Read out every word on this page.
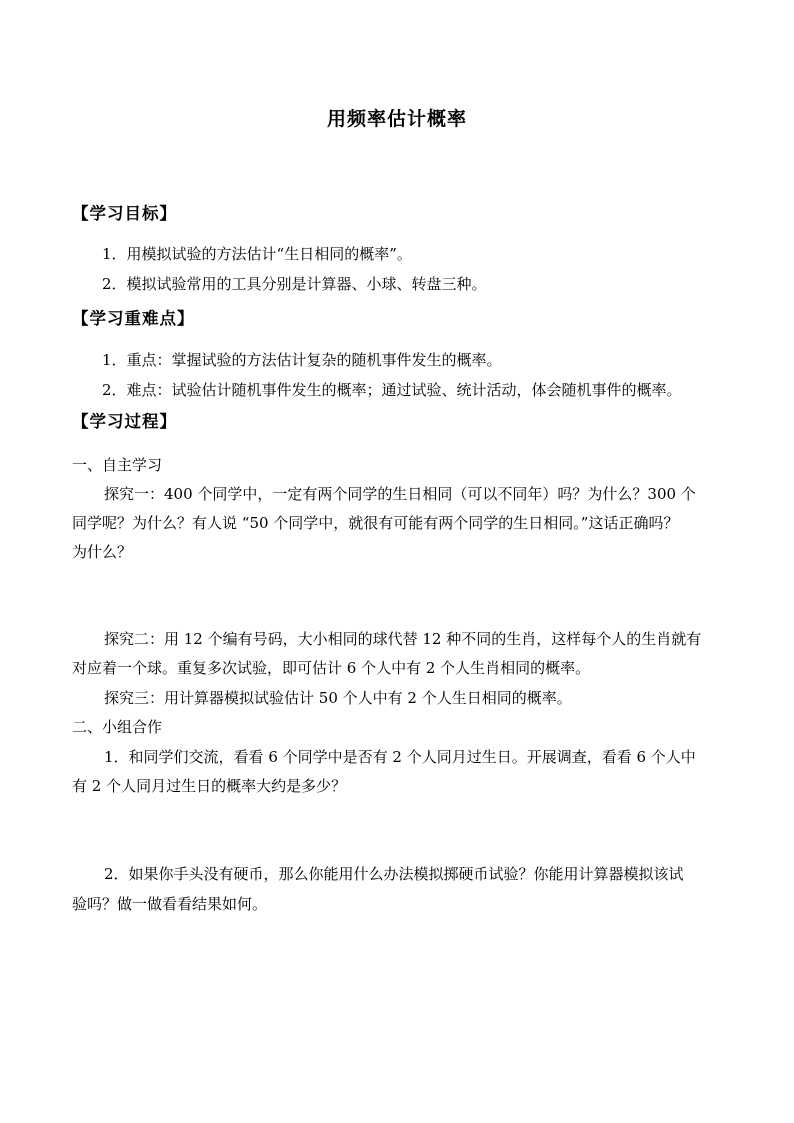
用频率估计概率

【学习目标】

1．用模拟试验的方法估计“生日相同的概率”。

2．模拟试验常用的工具分别是计算器、小球、转盘三种。

【学习重难点】

1．重点：掌握试验的方法估计复杂的随机事件发生的概率。

2．难点：试验估计随机事件发生的概率；通过试验、统计活动，体会随机事件的概率。

【学习过程】

一、自主学习

探究一：400 个同学中，一定有两个同学的生日相同（可以不同年）吗？为什么？300 个

同学呢？为什么？有人说 “50 个同学中，就很有可能有两个同学的生日相同。”这话正确吗？

为什么？

探究二：用 12 个编有号码，大小相同的球代替 12 种不同的生肖，这样每个人的生肖就有

对应着一个球。重复多次试验，即可估计 6 个人中有 2 个人生肖相同的概率。

探究三：用计算器模拟试验估计 50 个人中有 2 个人生日相同的概率。

二、小组合作

1．和同学们交流，看看 6 个同学中是否有 2 个人同月过生日。开展调查，看看 6 个人中

有 2 个人同月过生日的概率大约是多少？

2．如果你手头没有硬币，那么你能用什么办法模拟掷硬币试验？你能用计算器模拟该试

验吗？做一做看看结果如何。
